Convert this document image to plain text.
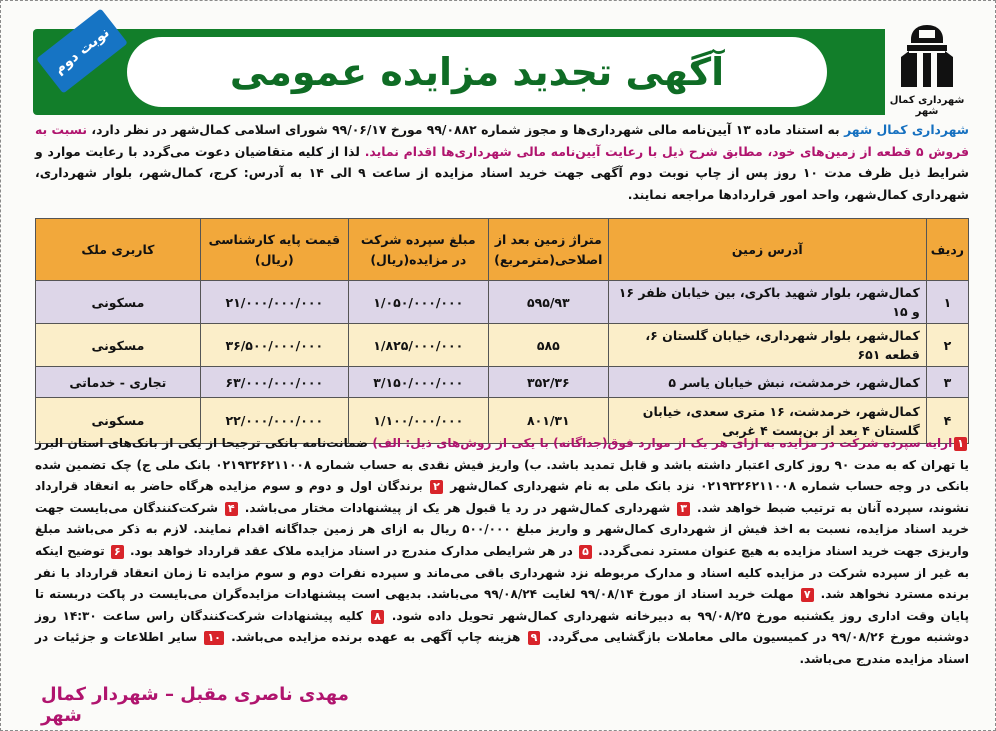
آگهی تجدید مزایده عمومی
نوبت دوم
شهرداری کمال شهر
شهرداری کمال شهر به استناد ماده ۱۳ آیین‌نامه مالی شهرداری‌ها و مجوز شماره ۹۹/۰۸۸۲ مورخ ۹۹/۰۶/۱۷ شورای اسلامی کمال‌شهر در نظر دارد، نسبت به فروش ۵ قطعه از زمین‌های خود، مطابق شرح ذیل با رعایت آیین‌نامه مالی شهرداری‌ها اقدام نماید. لذا از کلیه متقاضیان دعوت می‌گردد با رعایت موارد و شرایط ذیل ظرف مدت ۱۰ روز پس از چاپ نوبت دوم آگهی جهت خرید اسناد مزایده از ساعت ۹ الی ۱۴ به آدرس: کرج، کمال‌شهر، بلوار شهرداری، شهرداری کمال‌شهر، واحد امور قراردادها مراجعه نمایند.
ردیف	آدرس زمین	متراژ زمین بعد از اصلاحی(مترمربع)	مبلغ سپرده شرکت در مزایده(ریال)	قیمت پایه کارشناسی (ریال)	کاربری ملک
۱	کمال‌شهر، بلوار شهید باکری، بین خیابان ظفر ۱۶ و ۱۵	۵۹۵/۹۳	۱/۰۵۰/۰۰۰/۰۰۰	۲۱/۰۰۰/۰۰۰/۰۰۰	مسکونی
۲	کمال‌شهر، بلوار شهرداری، خیابان گلستان ۶، قطعه ۶۵۱	۵۸۵	۱/۸۲۵/۰۰۰/۰۰۰	۳۶/۵۰۰/۰۰۰/۰۰۰	مسکونی
۳	کمال‌شهر، خرمدشت، نبش خیابان یاسر ۵	۳۵۲/۳۶	۳/۱۵۰/۰۰۰/۰۰۰	۶۳/۰۰۰/۰۰۰/۰۰۰	تجاری - خدماتی
۴	کمال‌شهر، خرمدشت، ۱۶ متری سعدی، خیابان گلستان ۴ بعد از بن‌بست ۴ غربی	۸۰۱/۳۱	۱/۱۰۰/۰۰۰/۰۰۰	۲۲/۰۰۰/۰۰۰/۰۰۰	مسکونی
۱ارایه سپرده شرکت در مزایده به ازای هر یک از موارد فوق(جداگانه) با یکی از روش‌های ذیل: الف) ضمانت‌نامه بانکی ترجیحا از یکی از بانک‌های استان البرز یا تهران که به مدت ۹۰ روز کاری اعتبار داشته باشد و قابل تمدید باشد. ب) واریز فیش نقدی به حساب شماره ۰۲۱۹۳۲۶۲۱۱۰۰۸ بانک ملی ج) چک تضمین شده بانکی در وجه حساب شماره ۰۲۱۹۳۲۶۲۱۱۰۰۸ نزد بانک ملی به نام شهرداری کمال‌شهر ۲ برندگان اول و دوم و سوم مزایده هرگاه حاضر به انعقاد قرارداد نشوند، سپرده آنان به ترتیب ضبط خواهد شد. ۳ شهرداری کمال‌شهر در رد یا قبول هر یک از پیشنهادات مختار می‌باشد. ۴ شرکت‌کنندگان می‌بایست جهت خرید اسناد مزایده، نسبت به اخذ فیش از شهرداری کمال‌شهر و واریز مبلغ ۵۰۰/۰۰۰ ریال به ازای هر زمین جداگانه اقدام نمایند. لازم به ذکر می‌باشد مبلغ واریزی جهت خرید اسناد مزایده به هیچ عنوان مسترد نمی‌گردد. ۵ در هر شرایطی مدارک مندرج در اسناد مزایده ملاک عقد قرارداد خواهد بود. ۶ توضیح اینکه به غیر از سپرده شرکت در مزایده کلیه اسناد و مدارک مربوطه نزد شهرداری باقی می‌ماند و سپرده نفرات دوم و سوم مزایده تا زمان انعقاد قرارداد با نفر برنده مسترد نخواهد شد. ۷ مهلت خرید اسناد از مورخ ۹۹/۰۸/۱۴ لغایت ۹۹/۰۸/۲۴ می‌باشد. بدیهی است پیشنهادات مزایده‌گران می‌بایست در پاکت دربسته تا پایان وقت اداری روز یکشنبه مورخ ۹۹/۰۸/۲۵ به دبیرخانه شهرداری کمال‌شهر تحویل داده شود. ۸ کلیه پیشنهادات شرکت‌کنندگان راس ساعت ۱۴:۳۰ روز دوشنبه مورخ ۹۹/۰۸/۲۶ در کمیسیون مالی معاملات بازگشایی می‌گردد. ۹ هزینه چاپ آگهی به عهده برنده مزایده می‌باشد. ۱۰ سایر اطلاعات و جزئیات در اسناد مزایده مندرج می‌باشد.
مهدی ناصری مقبل – شهردار کمال شهر
